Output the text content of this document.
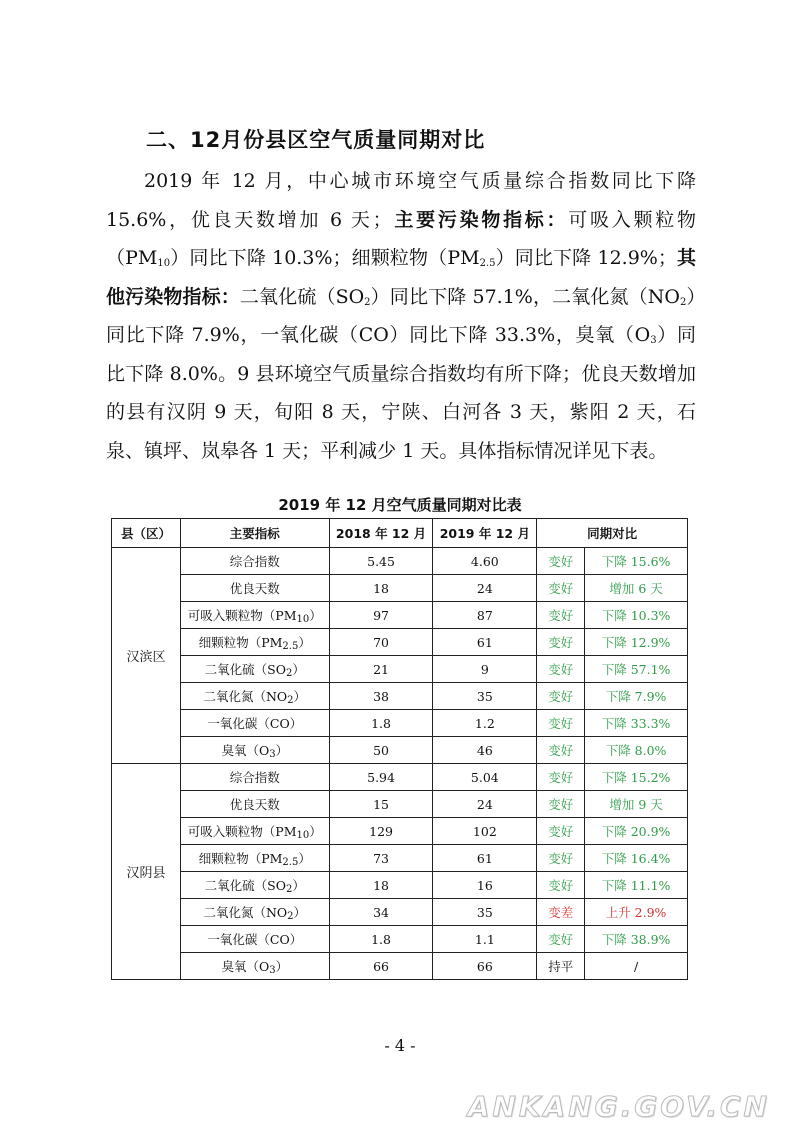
二、12月份县区空气质量同期对比

2019 年 12 月，中心城市环境空气质量综合指数同比下降 15.6%，优良天数增加 6 天；主要污染物指标：可吸入颗粒物$(PM_{10})$同比下降 10.3%；细颗粒物$(PM_{2.5})$同比下降 12.9%；其他污染物指标：二氧化硫$(SO_2)$同比下降 57.1%，二氧化氮$(NO_2)$同比下降 7.9%，一氧化碳（CO）同比下降 33.3%，臭氧$(O_3)$同比下降 8.0%。9 县环境空气质量综合指数均有所下降；优良天数增加的县有汉阴 9 天，旬阳 8 天，宁陕、白河各 3 天，紫阳 2 天，石泉、镇坪、岚皋各 1 天；平利减少 1 天。具体指标情况详见下表。

2019 年 12 月空气质量同期对比表
县（区）	主要指标	2018 年 12 月	2019 年 12 月	同期对比	
汉滨区	综合指数	5.45	4.60	变好	下降 15.6%
	优良天数	18	24	变好	增加 6 天
	可吸入颗粒物$(PM_{10})$	97	87	变好	下降 10.3%
	细颗粒物$(PM_{2.5})$	70	61	变好	下降 12.9%
	二氧化硫$(SO_2)$	21	9	变好	下降 57.1%
	二氧化氮$(NO_2)$	38	35	变好	下降 7.9%
	一氧化碳（CO）	1.8	1.2	变好	下降 33.3%
	臭氧$(O_3)$	50	46	变好	下降 8.0%
汉阴县	综合指数	5.94	5.04	变好	下降 15.2%
	优良天数	15	24	变好	增加 9 天
	可吸入颗粒物$(PM_{10})$	129	102	变好	下降 20.9%
	细颗粒物$(PM_{2.5})$	73	61	变好	下降 16.4%
	二氧化硫$(SO_2)$	18	16	变好	下降 11.1%
	二氧化氮$(NO_2)$	34	35	变差	上升 2.9%
	一氧化碳（CO）	1.8	1.1	变好	下降 38.9%
	臭氧$(O_3)$	66	66	持平	/
- 4 -
ANKANG.GOV.CN
